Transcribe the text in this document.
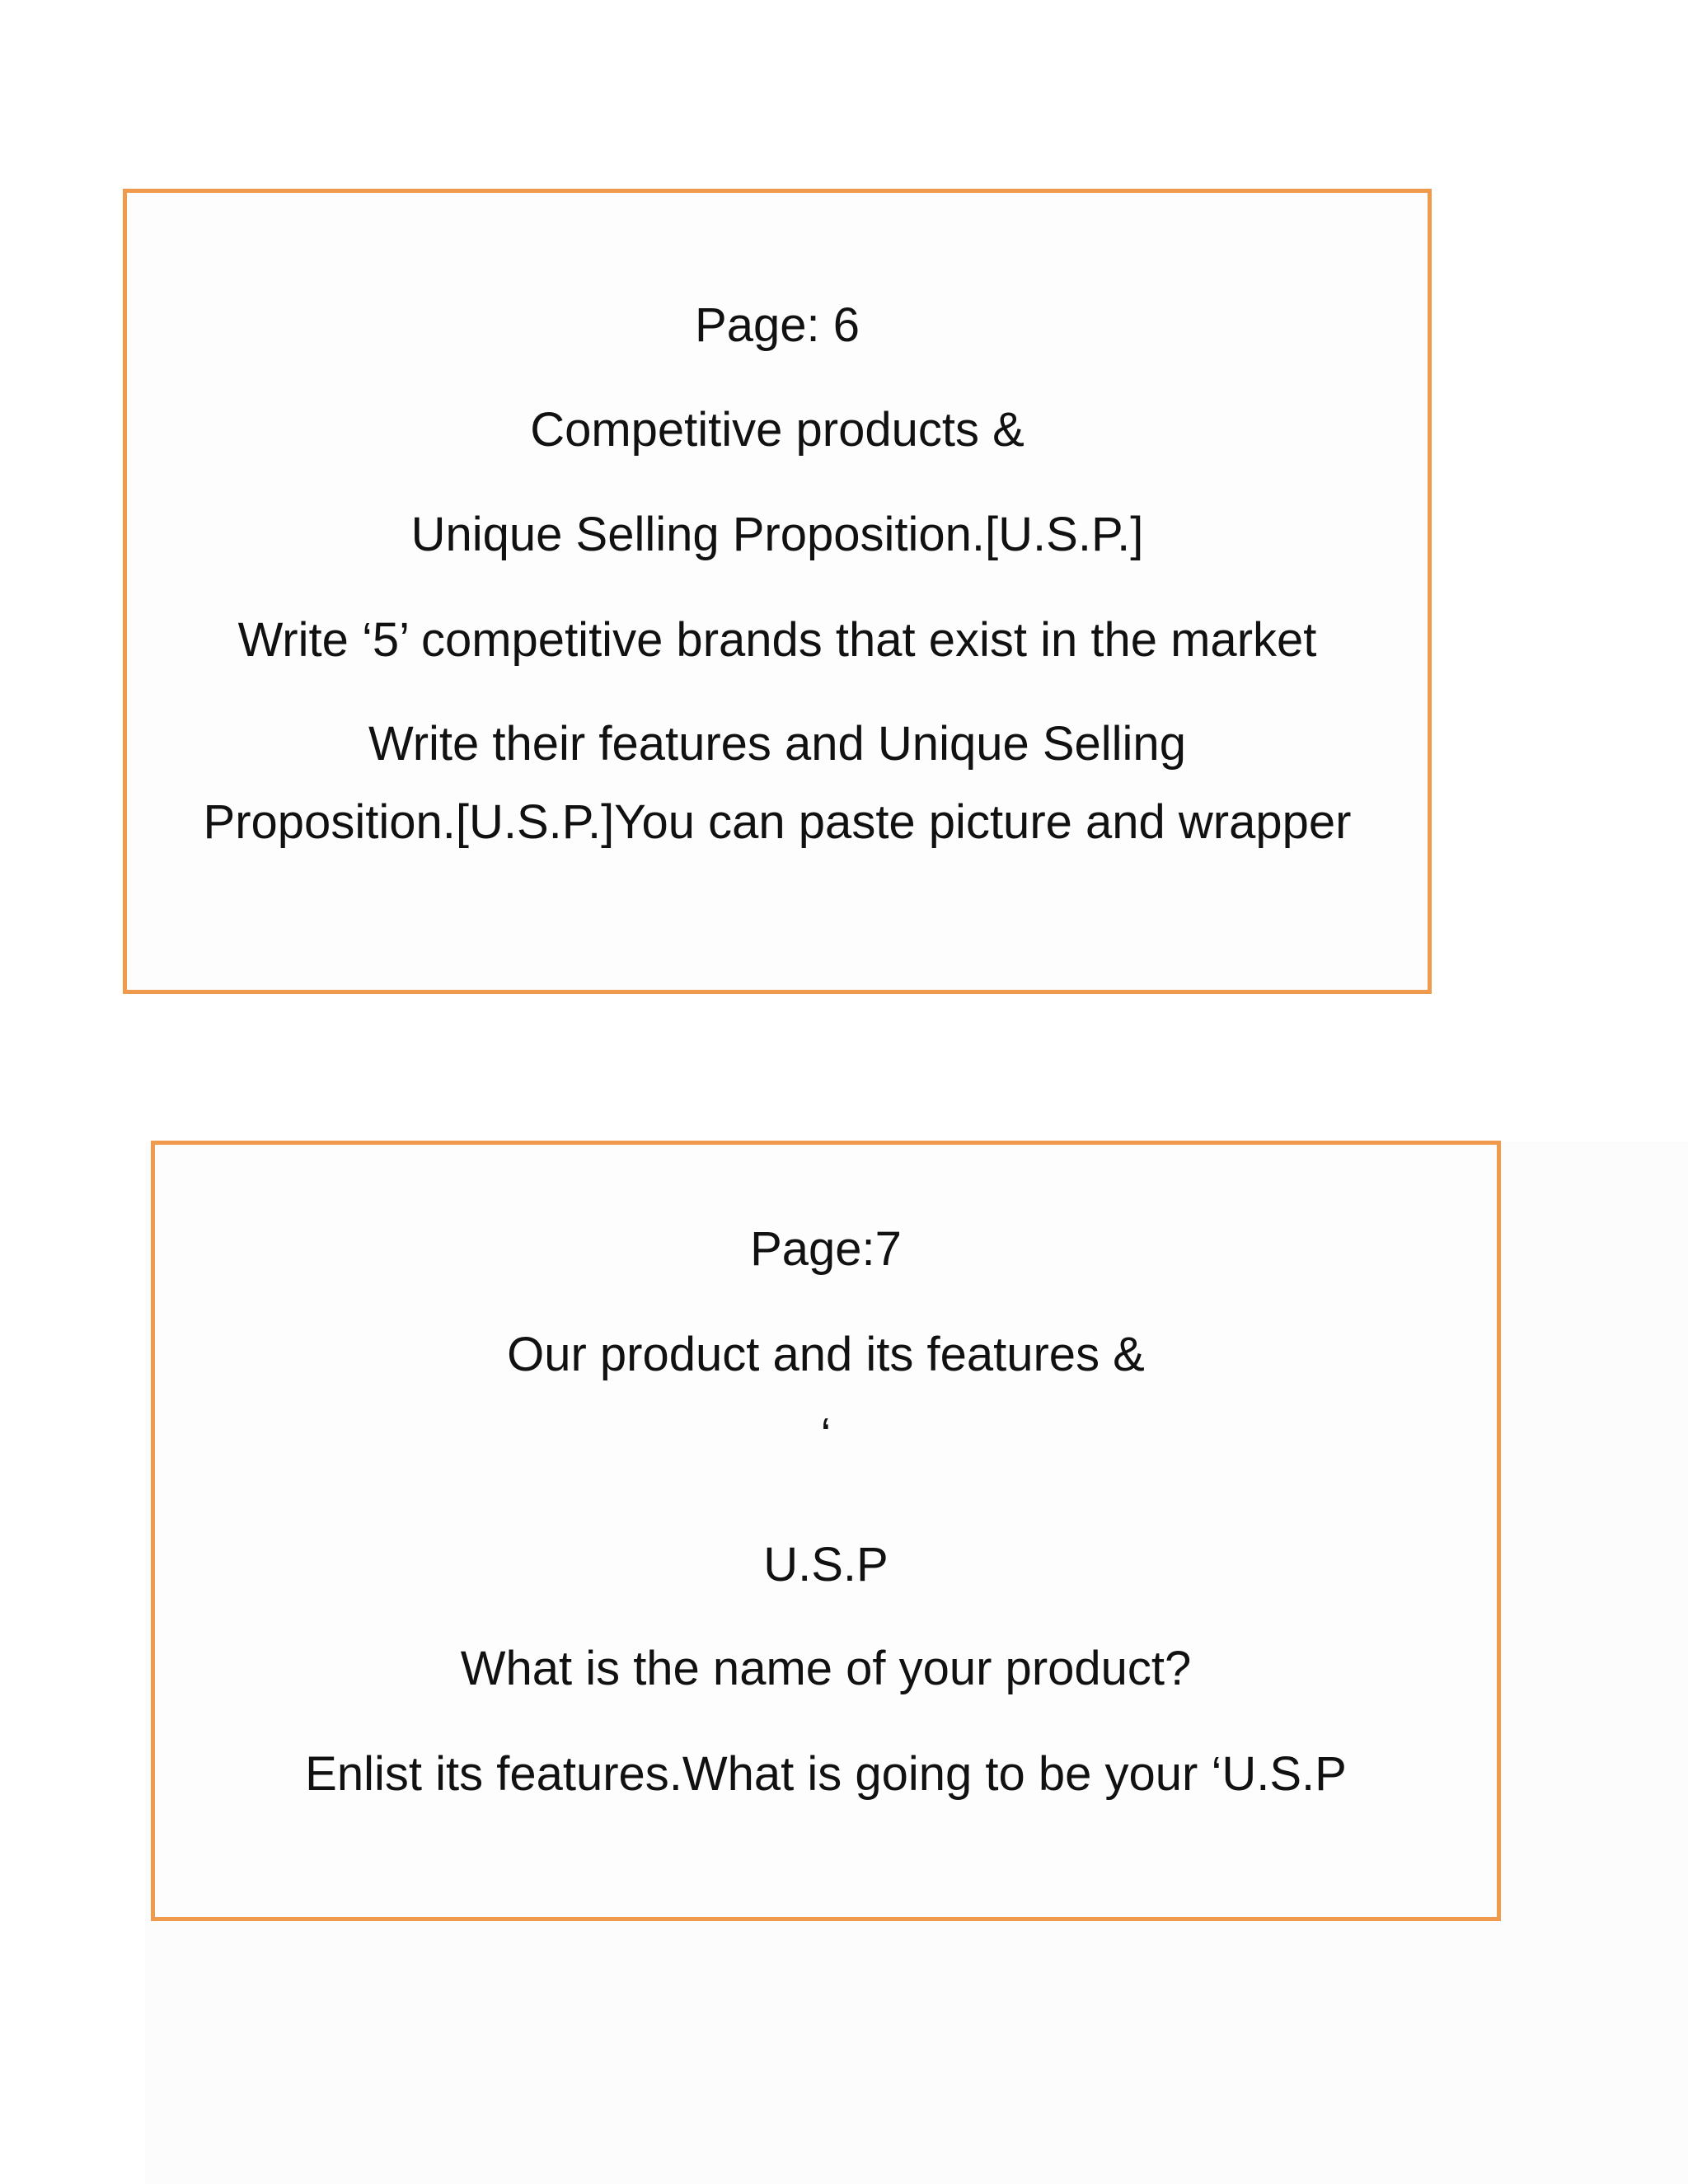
Page: 6
Competitive products &
Unique Selling Proposition.[U.S.P.]
Write ‘5’ competitive brands that exist in the market
Write their features and Unique Selling
Proposition.[U.S.P.]You can paste picture and wrapper
Page:7
Our product and its features &
‘
U.S.P
What is the name of your product?
Enlist its features.What is going to be your ‘U.S.P
